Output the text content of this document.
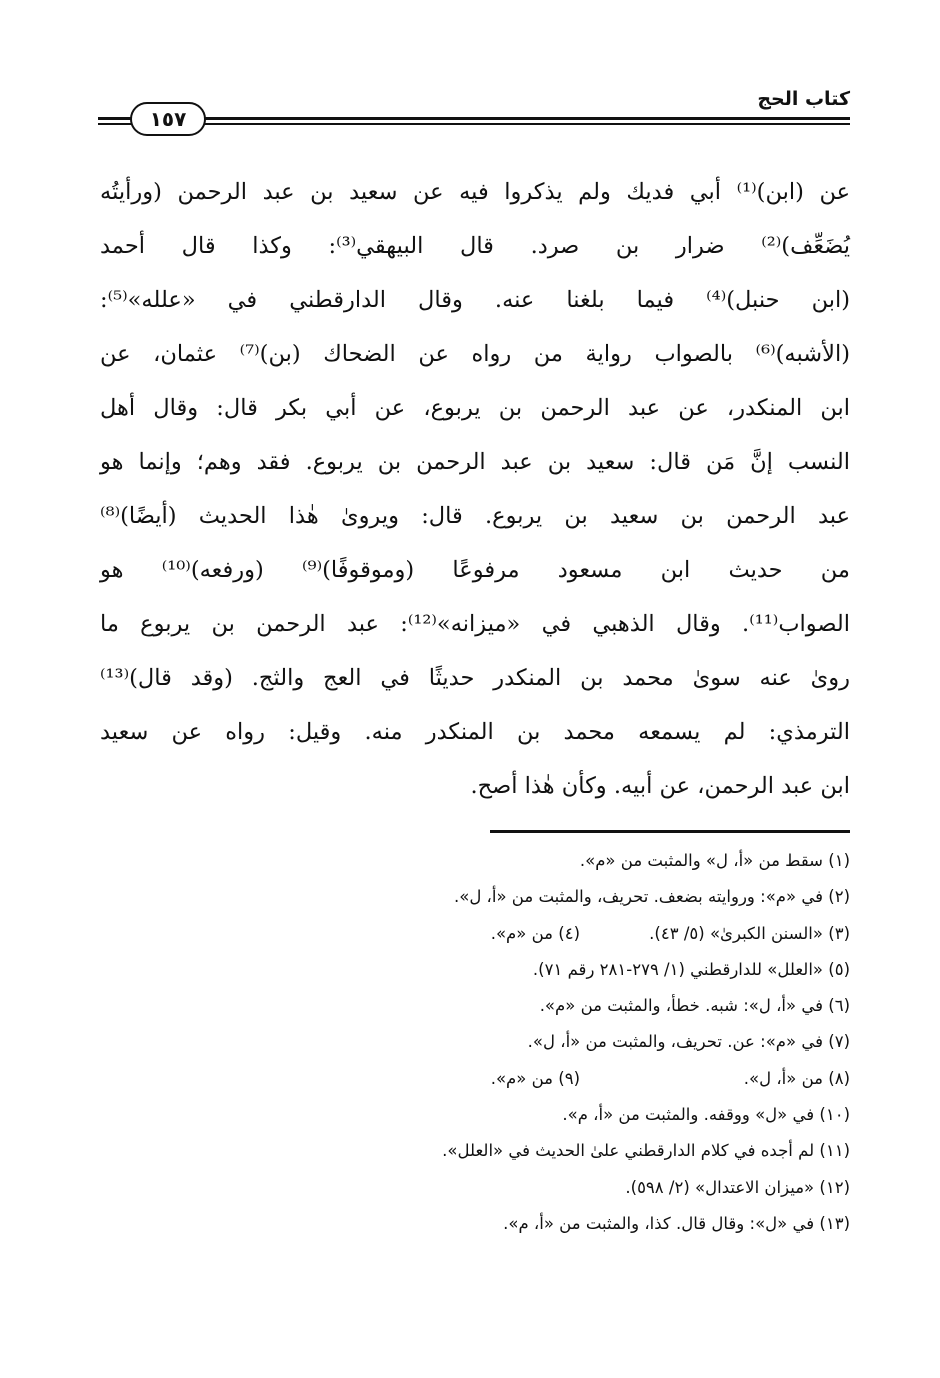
١٥٧
كتاب الحج
عن (ابن)⁽¹⁾ أبي فديك ولم يذكروا فيه عن سعيد بن عبد الرحمن (ورأيتُه
يُضَعِّف)⁽²⁾ ضرار بن صرد. قال البيهقي⁽³⁾: وكذا قال أحمد
(ابن حنبل)⁽⁴⁾ فيما بلغنا عنه. وقال الدارقطني في «علله»⁽⁵⁾:
(الأشبه)⁽⁶⁾ بالصواب رواية من رواه عن الضحاك (بن)⁽⁷⁾ عثمان، عن
ابن المنكدر، عن عبد الرحمن بن يربوع، عن أبي بكر قال: وقال أهل
النسب إنَّ مَن قال: سعيد بن عبد الرحمن بن يربوع. فقد وهم؛ وإنما هو
عبد الرحمن بن سعيد بن يربوع. قال: ويروىٰ هٰذا الحديث (أيضًا)⁽⁸⁾
من حديث ابن مسعود مرفوعًا (وموقوفًا)⁽⁹⁾ (ورفعه)⁽¹⁰⁾ هو
الصواب⁽¹¹⁾. وقال الذهبي في «ميزانه»⁽¹²⁾: عبد الرحمن بن يربوع ما
رویٰ عنه سوىٰ محمد بن المنكدر حديثًا في العج والثج. (وقد قال)⁽¹³⁾
الترمذي: لم يسمعه محمد بن المنكدر منه. وقيل: رواه عن سعيد
ابن عبد الرحمن، عن أبيه. وكأن هٰذا أصح.
(١) سقط من «أ، ل» والمثبت من «م».
(٢) في «م»: وروايته بضعف. تحريف، والمثبت من «أ، ل».
(٣) «السنن الكبرىٰ» (٥/ ٤٣).
(٤) من «م».
(٥) «العلل» للدارقطني (١/ ٢٧٩-٢٨١ رقم ٧١).
(٦) في «أ، ل»: شبه. خطأ، والمثبت من «م».
(٧) في «م»: عن. تحريف، والمثبت من «أ، ل».
(٨) من «أ، ل».
(٩) من «م».
(١٠) في «ل» ووقفه. والمثبت من «أ، م».
(١١) لم أجده في كلام الدارقطني علىٰ الحديث في «العلل».
(١٢) «ميزان الاعتدال» (٢/ ٥٩٨).
(١٣) في «ل»: وقال قال. كذا، والمثبت من «أ، م».
